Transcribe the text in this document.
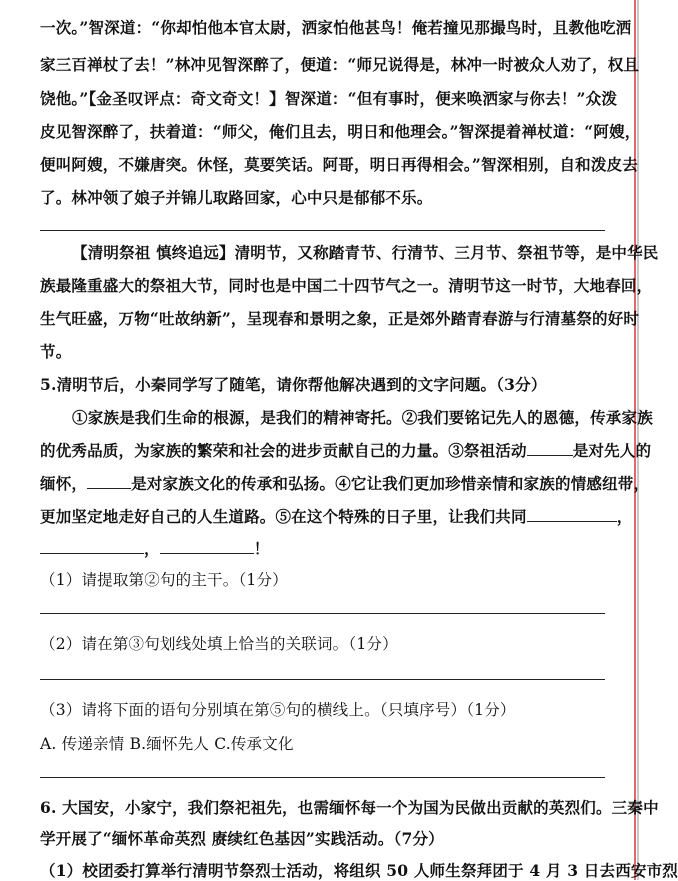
一次。”智深道：“你却怕他本官太尉，洒家怕他甚鸟！俺若撞见那撮鸟时，且教他吃洒
家三百禅杖了去！”林冲见智深醉了，便道：“师兄说得是，林冲一时被众人劝了，权且
饶他。”【金圣叹评点：奇文奇文！】智深道：“但有事时，便来唤洒家与你去！”众泼
皮见智深醉了，扶着道：“师父，俺们且去，明日和他理会。”智深提着禅杖道：“阿嫂，
便叫阿嫂，不嫌唐突。休怪，莫要笑话。阿哥，明日再得相会。”智深相别，自和泼皮去
了。林冲领了娘子并锦儿取路回家，心中只是郁郁不乐。
【清明祭祖 慎终追远】清明节，又称踏青节、行清节、三月节、祭祖节等，是中华民
族最隆重盛大的祭祖大节，同时也是中国二十四节气之一。清明节这一时节，大地春回，
生气旺盛，万物“吐故纳新”，呈现春和景明之象，正是郊外踏青春游与行清墓祭的好时
节。
5.清明节后，小秦同学写了随笔，请你帮他解决遇到的文字问题。（3分）
①家族是我们生命的根源，是我们的精神寄托。②我们要铭记先人的恩德，传承家族
的优秀品质，为家族的繁荣和社会的进步贡献自己的力量。③祭祖活动	是对先人的
缅怀，	是对家族文化的传承和弘扬。④它让我们更加珍惜亲情和家族的情感纽带，
更加坚定地走好自己的人生道路。⑤在这个特殊的日子里，让我们共同	，
，	！
（1）请提取第②句的主干。（1分）
（2）请在第③句划线处填上恰当的关联词。（1分）
（3）请将下面的语句分别填在第⑤句的横线上。（只填序号）（1分）
A. 传递亲情 B.缅怀先人 C.传承文化
6. 大国安，小家宁，我们祭祀祖先，也需缅怀每一个为国为民做出贡献的英烈们。三秦中
学开展了“缅怀革命英烈 赓续红色基因”实践活动。（7分）
（1）校团委打算举行清明节祭烈士活动，将组织 50 人师生祭拜团于 4 月 3 日去西安市烈
